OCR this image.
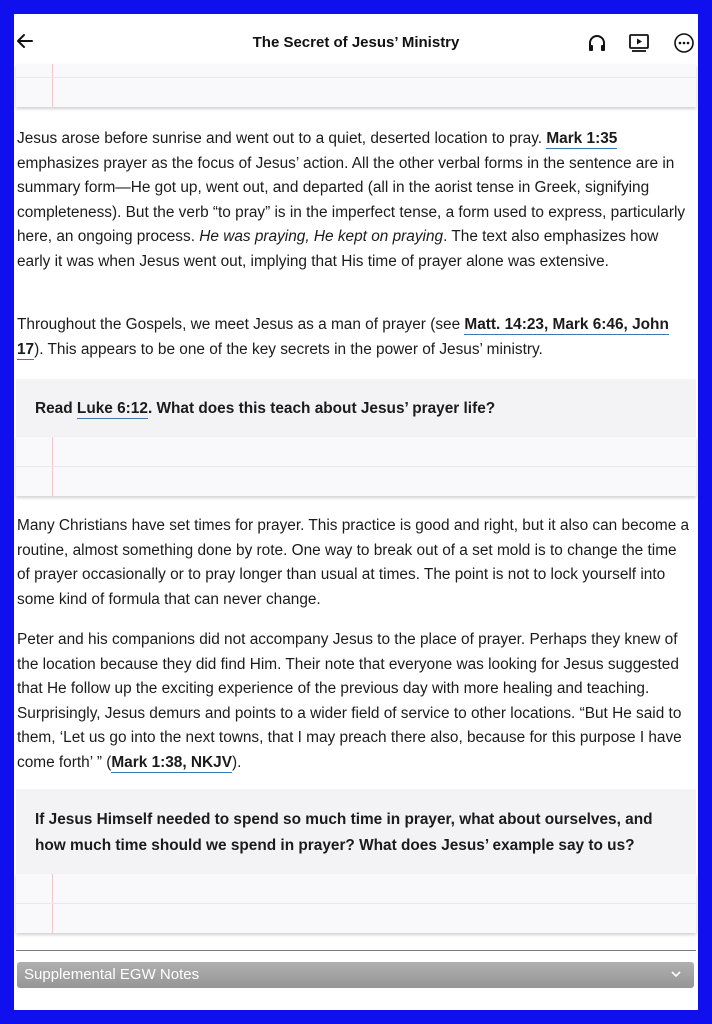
The Secret of Jesus’ Ministry
Jesus arose before sunrise and went out to a quiet, deserted location to pray. Mark 1:35 emphasizes prayer as the focus of Jesus’ action. All the other verbal forms in the sentence are in summary form—He got up, went out, and departed (all in the aorist tense in Greek, signifying completeness). But the verb “to pray” is in the imperfect tense, a form used to express, particularly here, an ongoing process. He was praying, He kept on praying. The text also emphasizes how early it was when Jesus went out, implying that His time of prayer alone was extensive.
Throughout the Gospels, we meet Jesus as a man of prayer (see Matt. 14:23, Mark 6:46, John 17). This appears to be one of the key secrets in the power of Jesus’ ministry.
Read Luke 6:12. What does this teach about Jesus’ prayer life?
Many Christians have set times for prayer. This practice is good and right, but it also can become a routine, almost something done by rote. One way to break out of a set mold is to change the time of prayer occasionally or to pray longer than usual at times. The point is not to lock yourself into some kind of formula that can never change.
Peter and his companions did not accompany Jesus to the place of prayer. Perhaps they knew of the location because they did find Him. Their note that everyone was looking for Jesus suggested that He follow up the exciting experience of the previous day with more healing and teaching. Surprisingly, Jesus demurs and points to a wider field of service to other locations. “But He said to them, ‘Let us go into the next towns, that I may preach there also, because for this purpose I have come forth’ ” (Mark 1:38, NKJV).
If Jesus Himself needed to spend so much time in prayer, what about ourselves, and how much time should we spend in prayer? What does Jesus’ example say to us?
Supplemental EGW Notes
